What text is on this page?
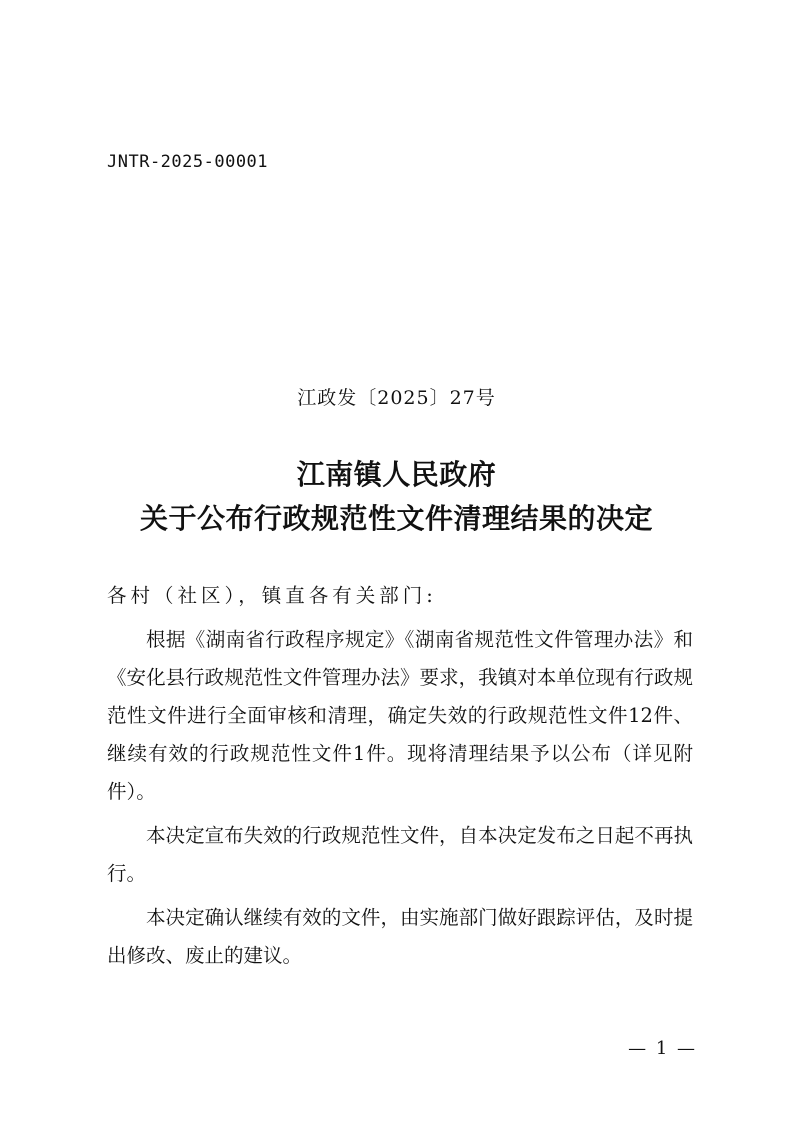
JNTR-2025-00001
江政发〔2025〕27号
江南镇人民政府
关于公布行政规范性文件清理结果的决定

各村（社区），镇直各有关部门:

根据《湖南省行政程序规定》《湖南省规范性文件管理办法》和《安化县行政规范性文件管理办法》要求，我镇对本单位现有行政规范性文件进行全面审核和清理，确定失效的行政规范性文件12件、继续有效的行政规范性文件1件。现将清理结果予以公布（详见附件）。

本决定宣布失效的行政规范性文件，自本决定发布之日起不再执行。

本决定确认继续有效的文件，由实施部门做好跟踪评估，及时提出修改、废止的建议。

— 1 —
